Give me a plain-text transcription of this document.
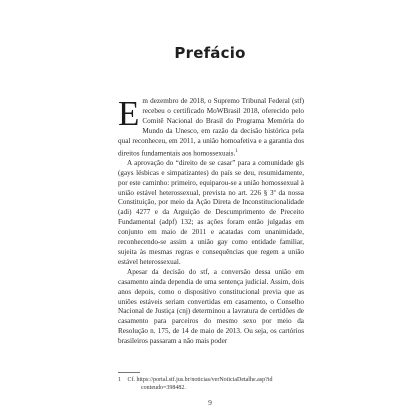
Prefácio

Em dezembro de 2018, o Supremo Tribunal Federal (stf) recebeu o certificado MoWBrasil 2018, oferecido pelo Comitê Nacional do Brasil do Programa Memória do Mundo da Unesco, em razão da decisão histórica pela qual reconheceu, em 2011, a união homoafetiva e a garantia dos direitos fundamentais aos homossexuais.$^1$

A aprovação do “direito de se casar” para a comunidade gls (gays lésbicas e simpatizantes) do país se deu, resumidamente, por este caminho: primeiro, equiparou-se a união homossexual à união estável heterossexual, prevista no art. 226 § 3º da nossa Constituição, por meio da Ação Direta de Inconstitucionalidade (adi) 4277 e da Arguição de Descumprimento de Preceito Fundamental (adpf) 132; as ações foram então julgadas em conjunto em maio de 2011 e acatadas com unanimidade, reconhecendo-se assim a união gay como entidade familiar, sujeita às mesmas regras e consequências que regem a união estável heterossexual.

Apesar da decisão do stf, a conversão dessa união em casamento ainda dependia de uma sentença judicial. Assim, dois anos depois, como o dispositivo constitucional previa que as uniões estáveis seriam convertidas em casamento, o Conselho Nacional de Justiça (cnj) determinou a lavratura de certidões de casamento para parceiros do mesmo sexo por meio da Resolução n. 175, de 14 de maio de 2013. Ou seja, os cartórios brasileiros passaram a não mais poder

1 Cf. https://portal.stf.jus.br/noticias/verNoticiaDetalhe.asp?id
conteudo=398482.
9
